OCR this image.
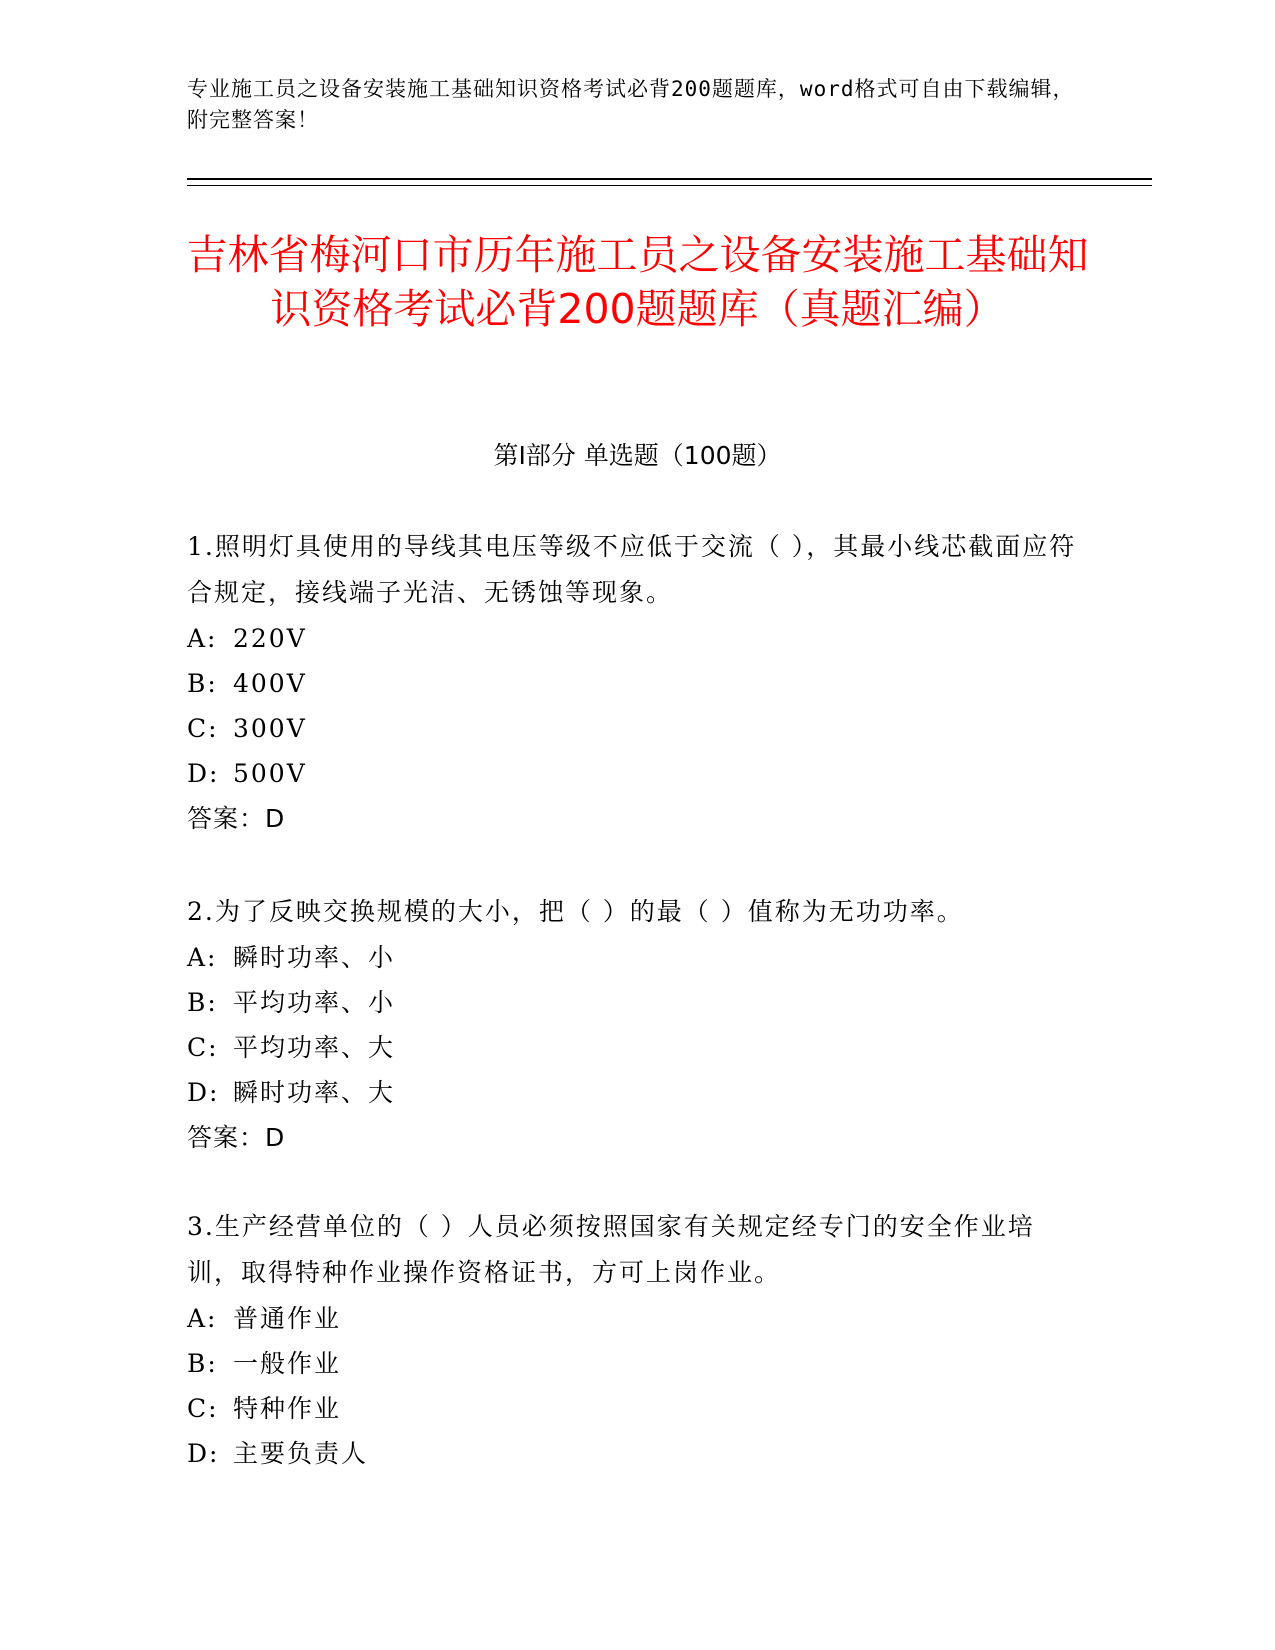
专业施工员之设备安装施工基础知识资格考试必背200题题库，word格式可自由下载编辑，附完整答案！
吉林省梅河口市历年施工员之设备安装施工基础知识资格考试必背200题题库（真题汇编）
第I部分 单选题（100题）
1.照明灯具使用的导线其电压等级不应低于交流（ ），其最小线芯截面应符合规定，接线端子光洁、无锈蚀等现象。
A: 220V
B: 400V
C: 300V
D: 500V
答案：D
2.为了反映交换规模的大小，把（ ）的最（ ）值称为无功功率。
A: 瞬时功率、小
B: 平均功率、小
C: 平均功率、大
D: 瞬时功率、大
答案：D
3.生产经营单位的（ ）人员必须按照国家有关规定经专门的安全作业培训，取得特种作业操作资格证书，方可上岗作业。
A: 普通作业
B: 一般作业
C: 特种作业
D: 主要负责人
